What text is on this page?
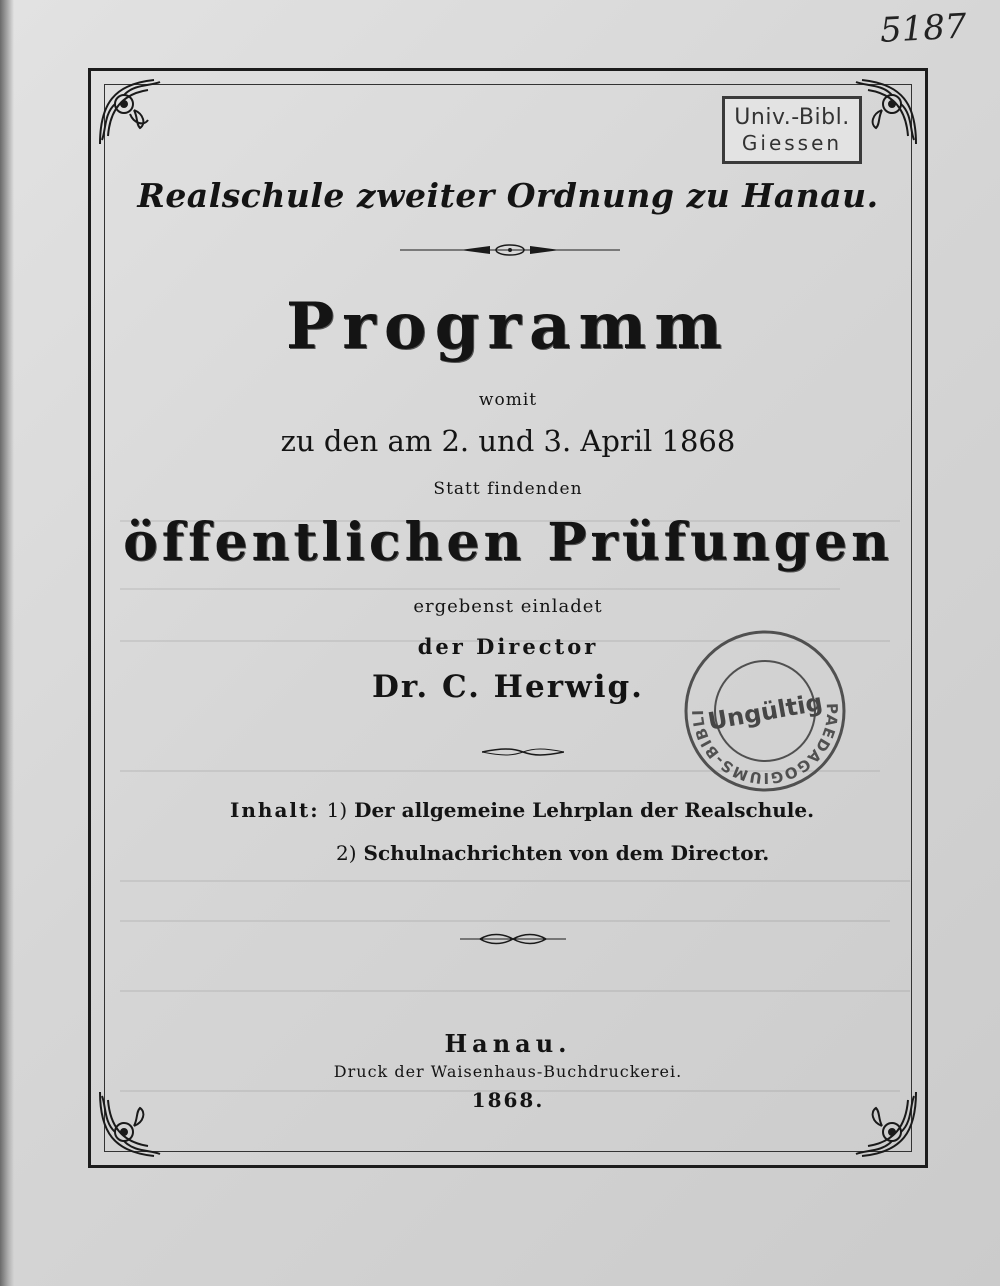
5187
Univ.-Bibl.
Giessen
PAEDAGOGIUMS-BIBLI
Ungültig
Realschule zweiter Ordnung zu Hanau.
Programm
womit
zu den am 2. und 3. April 1868
Statt findenden
öffentlichen Prüfungen
ergebenst einladet
der Director
Dr. C. Herwig.
Inhalt: 1) Der allgemeine Lehrplan der Realschule.
2) Schulnachrichten von dem Director.
Hanau.
Druck der Waisenhaus-Buchdruckerei.
1868.
